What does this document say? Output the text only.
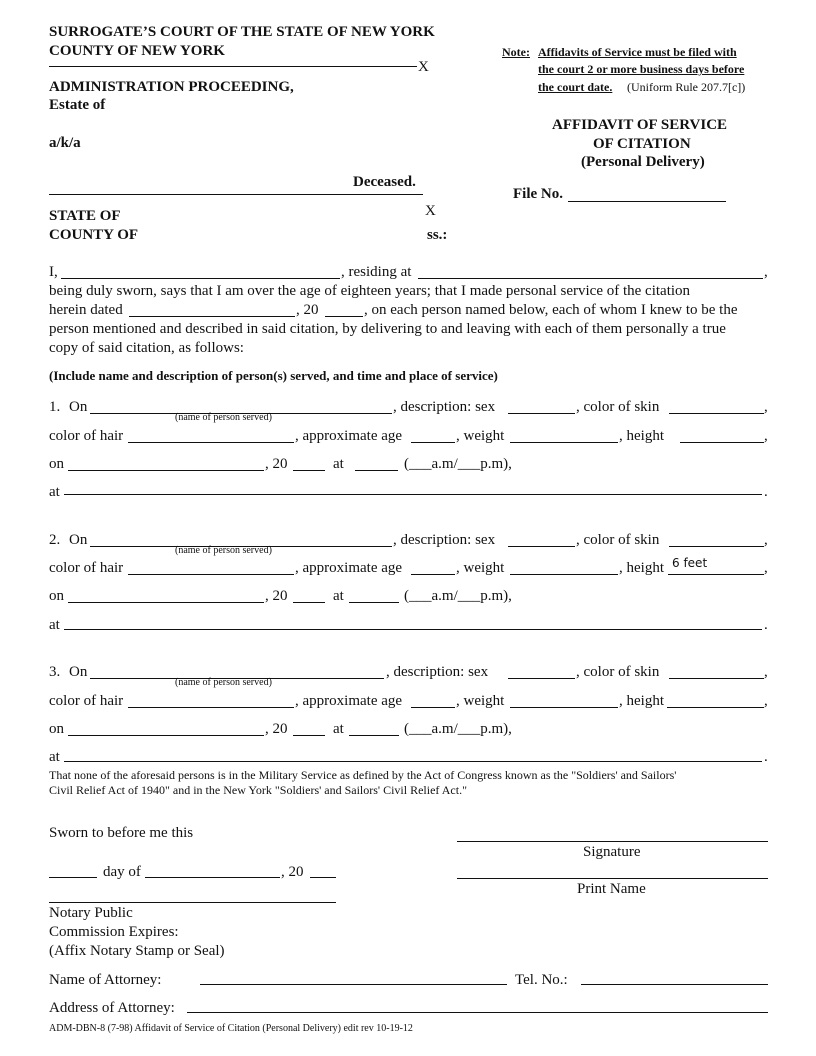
SURROGATE’S COURT OF THE STATE OF NEW YORK
COUNTY OF NEW YORK
X
ADMINISTRATION PROCEEDING,
Estate of
a/k/a
Deceased.
X
STATE OF
COUNTY OF	ss.:
Note: Affidavits of Service must be filed with
the court 2 or more business days before
the court date. (Uniform Rule 207.7[c])
AFFIDAVIT OF SERVICE
OF CITATION
(Personal Delivery)
File No.
I,	, residing at	,
being duly sworn, says that I am over the age of eighteen years; that I made personal service of the citation
herein dated	, 20	, on each person named below, each of whom I knew to be the
person mentioned and described in said citation, by delivering to and leaving with each of them personally a true
copy of said citation, as follows:
(Include name and description of person(s) served, and time and place of service)
1. On
(name of person served)
, description: sex	, color of skin	,
color of hair	, approximate age	, weight	, height	,
on	, 20	at	(___a.m/___p.m),
at	.
2. On
(name of person served)
, description: sex	, color of skin	,
color of hair	, approximate age	, weight	, height 6 feet	,
on	, 20	at	(___a.m/___p.m),
at	.
3. On
(name of person served)
, description: sex	, color of skin	,
color of hair	, approximate age	, weight	, height	,
on	, 20	at	(___a.m/___p.m),
at	.
That none of the aforesaid persons is in the Military Service as defined by the Act of Congress known as the "Soldiers' and Sailors'
Civil Relief Act of 1940" and in the New York "Soldiers' and Sailors' Civil Relief Act."
Sworn to before me this
Signature
day of	, 20
Print Name
Notary Public
Commission Expires:
(Affix Notary Stamp or Seal)
Name of Attorney:	Tel. No.:
Address of Attorney:
ADM-DBN-8 (7-98) Affidavit of Service of Citation (Personal Delivery) edit rev 10-19-12
